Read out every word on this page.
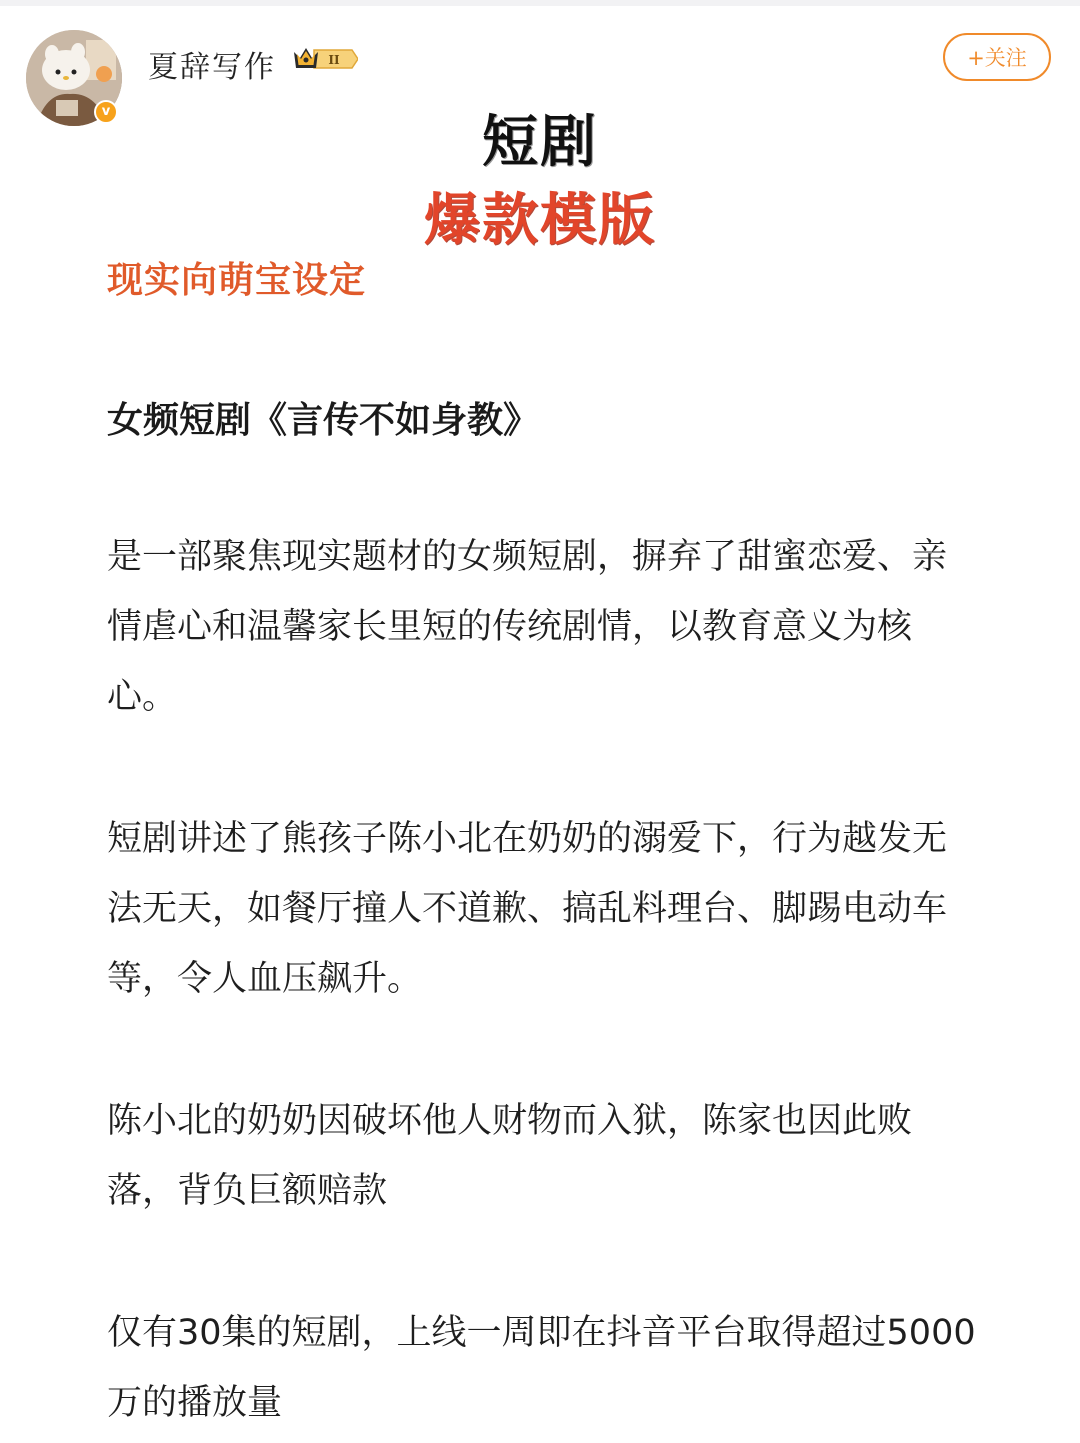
v
夏辞写作	II	+关注
短剧
爆款模版
现实向萌宝设定
女频短剧《言传不如身教》

是一部聚焦现实题材的女频短剧，摒弃了甜蜜恋爱、亲情虐心和温馨家长里短的传统剧情，以教育意义为核心。

短剧讲述了熊孩子陈小北在奶奶的溺爱下，行为越发无法无天，如餐厅撞人不道歉、搞乱料理台、脚踢电动车等，令人血压飙升。

陈小北的奶奶因破坏他人财物而入狱，陈家也因此败落，背负巨额赔款

仅有30集的短剧，上线一周即在抖音平台取得超过5000万的播放量
